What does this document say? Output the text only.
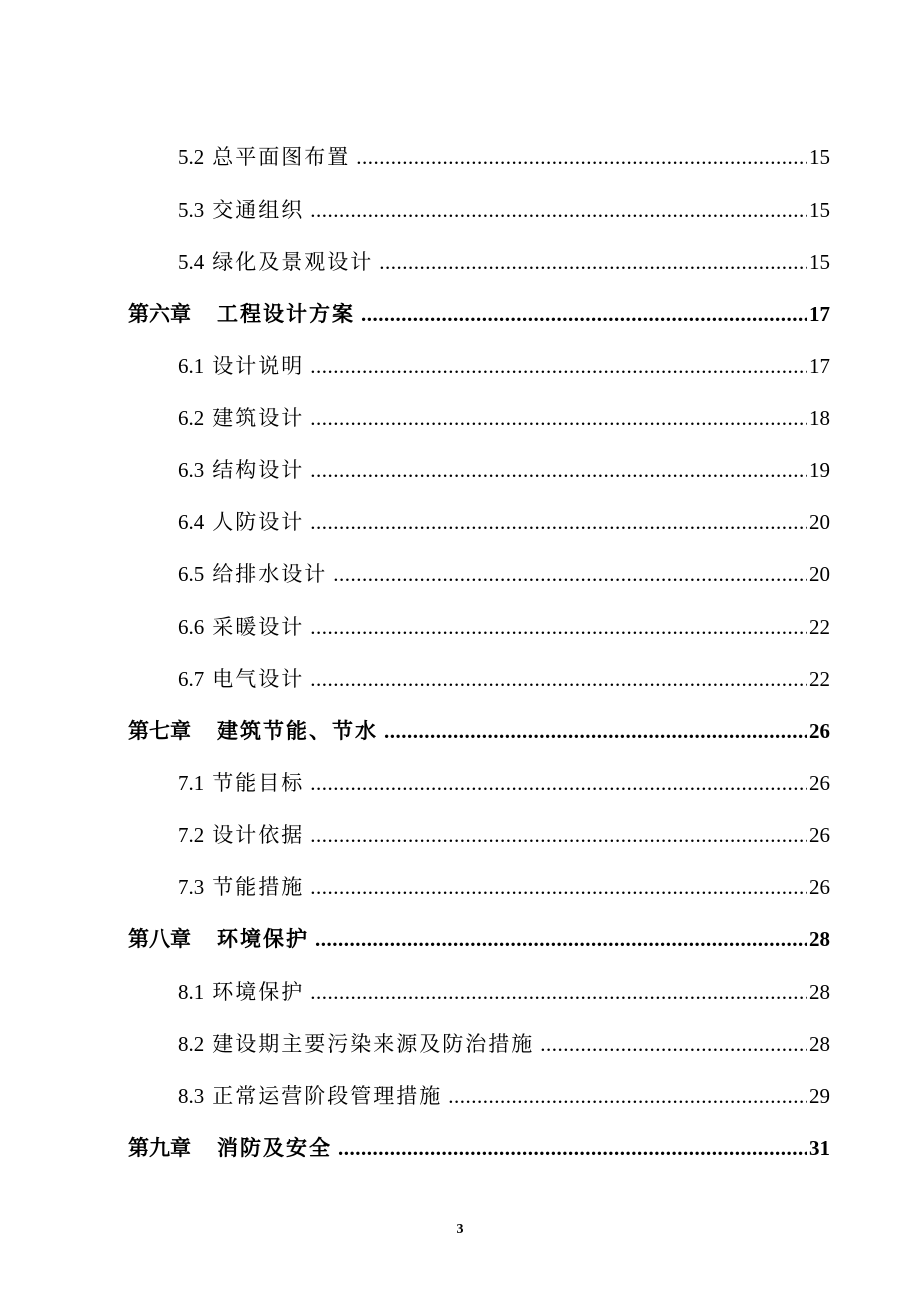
5.2 总平面图布置 .....	15
5.3 交通组织 .....	15
5.4 绿化及景观设计 .....	15
第六章 工程设计方案 .....	17
6.1 设计说明 .....	17
6.2 建筑设计 .....	18
6.3 结构设计 .....	19
6.4 人防设计 .....	20
6.5 给排水设计 .....	20
6.6 采暖设计 .....	22
6.7 电气设计 .....	22
第七章 建筑节能、节水 .....	26
7.1 节能目标 .....	26
7.2 设计依据 .....	26
7.3 节能措施 .....	26
第八章 环境保护 .....	28
8.1 环境保护 .....	28
8.2 建设期主要污染来源及防治措施 .....	28
8.3 正常运营阶段管理措施 .....	29
第九章 消防及安全 .....	31
3
